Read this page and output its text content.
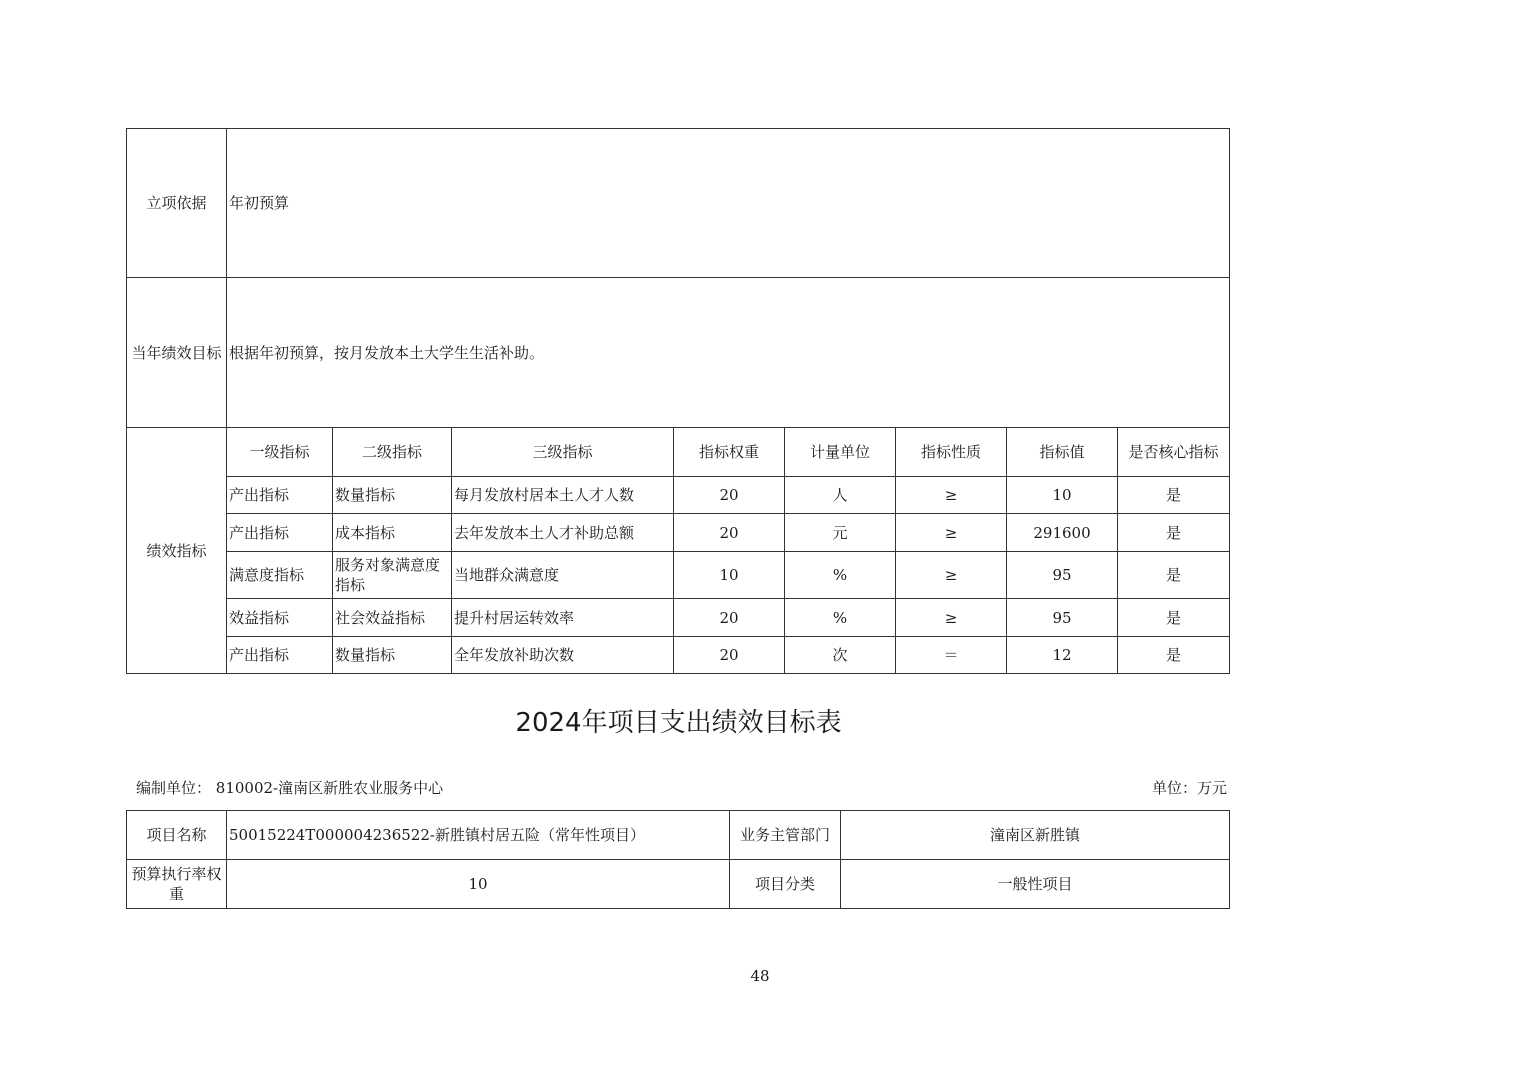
立项依据	年初预算							
当年绩效目标	根据年初预算，按月发放本土大学生生活补助。							
绩效指标	一级指标	二级指标	三级指标	指标权重	计量单位	指标性质	指标值	是否核心指标
	产出指标	数量指标	每月发放村居本土人才人数	20	人	≥	10	是
	产出指标	成本指标	去年发放本土人才补助总额	20	元	≥	291600	是
	满意度指标	服务对象满意度指标	当地群众满意度	10	%	≥	95	是
	效益指标	社会效益指标	提升村居运转效率	20	%	≥	95	是
	产出指标	数量指标	全年发放补助次数	20	次	＝	12	是
2024年项目支出绩效目标表
编制单位： 810002-潼南区新胜农业服务中心	单位：万元
项目名称	50015224T000004236522-新胜镇村居五险（常年性项目）	业务主管部门	潼南区新胜镇
预算执行率权重	10	项目分类	一般性项目
48
